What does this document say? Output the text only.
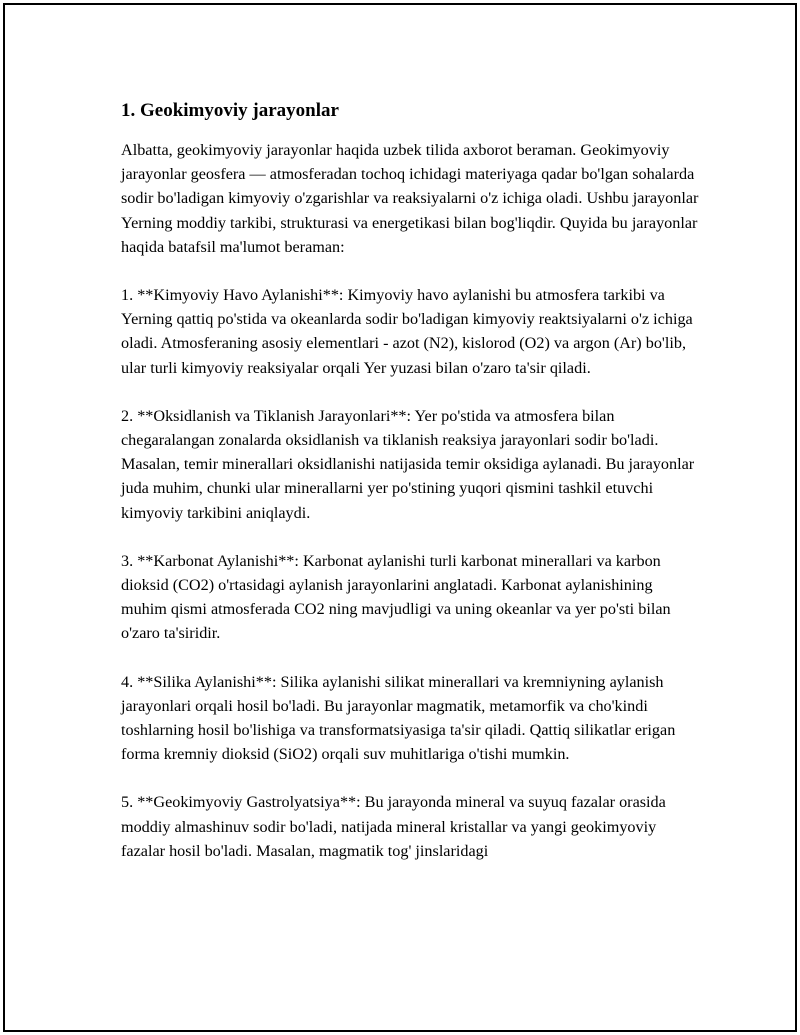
1. Geokimyoviy jarayonlar

Albatta, geokimyoviy jarayonlar haqida uzbek tilida axborot beraman. Geokimyoviy jarayonlar geosfera — atmosferadan tochoq ichidagi materiyaga qadar bo'lgan sohalarda sodir bo'ladigan kimyoviy o'zgarishlar va reaksiyalarni o'z ichiga oladi. Ushbu jarayonlar Yerning moddiy tarkibi, strukturasi va energetikasi bilan bog'liqdir. Quyida bu jarayonlar haqida batafsil ma'lumot beraman:

1. **Kimyoviy Havo Aylanishi**: Kimyoviy havo aylanishi bu atmosfera tarkibi va Yerning qattiq po'stida va okeanlarda sodir bo'ladigan kimyoviy reaktsiyalarni o'z ichiga oladi. Atmosferaning asosiy elementlari - azot (N2), kislorod (O2) va argon (Ar) bo'lib, ular turli kimyoviy reaksiyalar orqali Yer yuzasi bilan o'zaro ta'sir qiladi.

2. **Oksidlanish va Tiklanish Jarayonlari**: Yer po'stida va atmosfera bilan chegaralangan zonalarda oksidlanish va tiklanish reaksiya jarayonlari sodir bo'ladi. Masalan, temir minerallari oksidlanishi natijasida temir oksidiga aylanadi. Bu jarayonlar juda muhim, chunki ular minerallarni yer po'stining yuqori qismini tashkil etuvchi kimyoviy tarkibini aniqlaydi.

3. **Karbonat Aylanishi**: Karbonat aylanishi turli karbonat minerallari va karbon dioksid (CO2) o'rtasidagi aylanish jarayonlarini anglatadi. Karbonat aylanishining muhim qismi atmosferada CO2 ning mavjudligi va uning okeanlar va yer po'sti bilan o'zaro ta'siridir.

4. **Silika Aylanishi**: Silika aylanishi silikat minerallari va kremniyning aylanish jarayonlari orqali hosil bo'ladi. Bu jarayonlar magmatik, metamorfik va cho'kindi toshlarning hosil bo'lishiga va transformatsiyasiga ta'sir qiladi. Qattiq silikatlar erigan forma kremniy dioksid (SiO2) orqali suv muhitlariga o'tishi mumkin.

5. **Geokimyoviy Gastrolyatsiya**: Bu jarayonda mineral va suyuq fazalar orasida moddiy almashinuv sodir bo'ladi, natijada mineral kristallar va yangi geokimyoviy fazalar hosil bo'ladi. Masalan, magmatik tog' jinslaridagi
